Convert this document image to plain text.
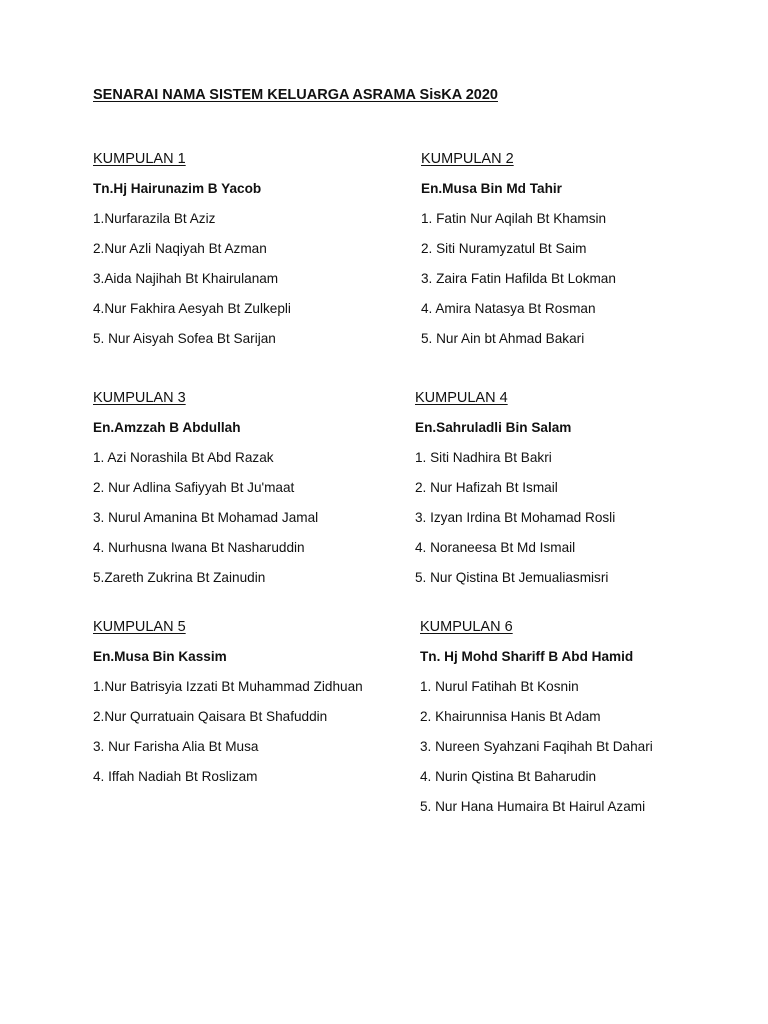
SENARAI NAMA SISTEM KELUARGA ASRAMA SisKA 2020
KUMPULAN 1
Tn.Hj Hairunazim B Yacob
1.Nurfarazila Bt Aziz
2.Nur Azli Naqiyah Bt Azman
3.Aida Najihah Bt Khairulanam
4.Nur Fakhira Aesyah Bt Zulkepli
5. Nur Aisyah Sofea Bt Sarijan
KUMPULAN 2
En.Musa Bin Md Tahir
1. Fatin Nur Aqilah Bt Khamsin
2. Siti Nuramyzatul Bt Saim
3. Zaira Fatin Hafilda Bt Lokman
4. Amira Natasya Bt Rosman
5. Nur Ain bt Ahmad Bakari
KUMPULAN 3
En.Amzzah B Abdullah
1. Azi Norashila Bt Abd Razak
2. Nur Adlina Safiyyah Bt Ju'maat
3. Nurul Amanina Bt Mohamad Jamal
4. Nurhusna Iwana Bt Nasharuddin
5.Zareth Zukrina Bt Zainudin
KUMPULAN 4
En.Sahruladli Bin Salam
1. Siti Nadhira Bt Bakri
2. Nur Hafizah Bt Ismail
3. Izyan Irdina Bt Mohamad Rosli
4. Noraneesa Bt Md Ismail
5. Nur Qistina Bt Jemualiasmisri
KUMPULAN 5
En.Musa Bin Kassim
1.Nur Batrisyia Izzati Bt Muhammad Zidhuan
2.Nur Qurratuain Qaisara Bt Shafuddin
3. Nur Farisha Alia Bt Musa
4. Iffah Nadiah Bt Roslizam
KUMPULAN 6
Tn. Hj Mohd Shariff B Abd Hamid
1. Nurul Fatihah Bt Kosnin
2. Khairunnisa Hanis Bt Adam
3. Nureen Syahzani Faqihah Bt Dahari
4. Nurin Qistina Bt Baharudin
5. Nur Hana Humaira Bt Hairul Azami
